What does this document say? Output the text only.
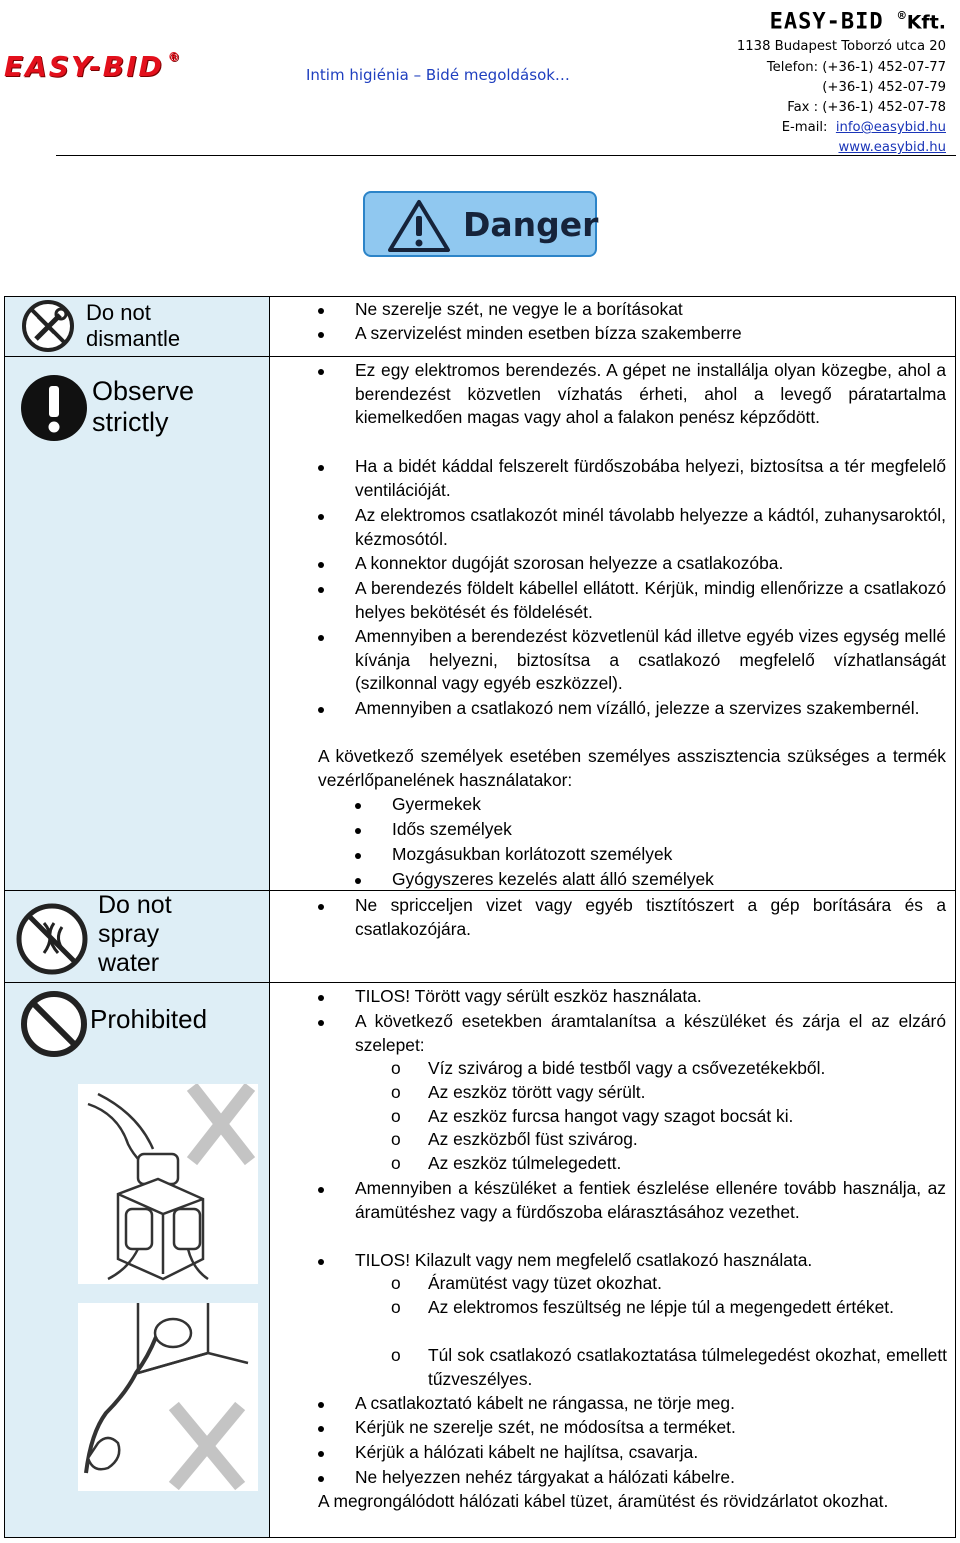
EASY-BID ®
Intim higiénia – Bidé megoldások…
EASY-BID ®Kft.
1138 Budapest Toborzó utca 20
Telefon: (+36-1) 452-07-77
(+36-1) 452-07-79
Fax : (+36-1) 452-07-78
E-mail: info@easybid.hu
www.easybid.hu
Danger
Do not
dismantle
Observe
strictly
Do not
spray
water
Prohibited
Ne szerelje szét, ne vegye le a borításokat
A szervizelést minden esetben bízza szakemberre
Ez egy elektromos berendezés. A gépet ne installálja olyan közegbe, ahol a berendezést közvetlen vízhatás érheti, ahol a levegő páratartalma kiemelkedően magas vagy ahol a falakon penész képződött.
Ha a bidét káddal felszerelt fürdőszobába helyezi, biztosítsa a tér megfelelő ventilációját.
Az elektromos csatlakozót minél távolabb helyezze a kádtól, zuhanysaroktól, kézmosótól.
A konnektor dugóját szorosan helyezze a csatlakozóba.
A berendezés földelt kábellel ellátott. Kérjük, mindig ellenőrizze a csatlakozó helyes bekötését és földelését.
Amennyiben a berendezést közvetlenül kád illetve egyéb vizes egység mellé kívánja helyezni, biztosítsa a csatlakozó megfelelő vízhatlanságát (szilkonnal vagy egyéb eszközzel).
Amennyiben a csatlakozó nem vízálló, jelezze a szervizes szakembernél.
A következő személyek esetében személyes asszisztencia szükséges a termék vezérlőpanelének használatakor:
Gyermekek
Idős személyek
Mozgásukban korlátozott személyek
Gyógyszeres kezelés alatt álló személyek
Ne spricceljen vizet vagy egyéb tisztítószert a gép borítására és a csatlakozójára.
TILOS! Törött vagy sérült eszköz használata.
A következő esetekben áramtalanítsa a készüléket és zárja el az elzáró szelepet:
o Víz szivárog a bidé testből vagy a csővezetékekből.
o Az eszköz törött vagy sérült.
o Az eszköz furcsa hangot vagy szagot bocsát ki.
o Az eszközből füst szivárog.
o Az eszköz túlmelegedett.
Amennyiben a készüléket a fentiek észlelése ellenére tovább használja, az áramütéshez vagy a fürdőszoba elárasztásához vezethet.
TILOS! Kilazult vagy nem megfelelő csatlakozó használata.
o Áramütést vagy tüzet okozhat.
o Az elektromos feszültség ne lépje túl a megengedett értéket.
o Túl sok csatlakozó csatlakoztatása túlmelegedést okozhat, emellett tűzveszélyes.
A csatlakoztató kábelt ne rángassa, ne törje meg.
Kérjük ne szerelje szét, ne módosítsa a terméket.
Kérjük a hálózati kábelt ne hajlítsa, csavarja.
Ne helyezzen nehéz tárgyakat a hálózati kábelre.
A megrongálódott hálózati kábel tüzet, áramütést és rövidzárlatot okozhat.
